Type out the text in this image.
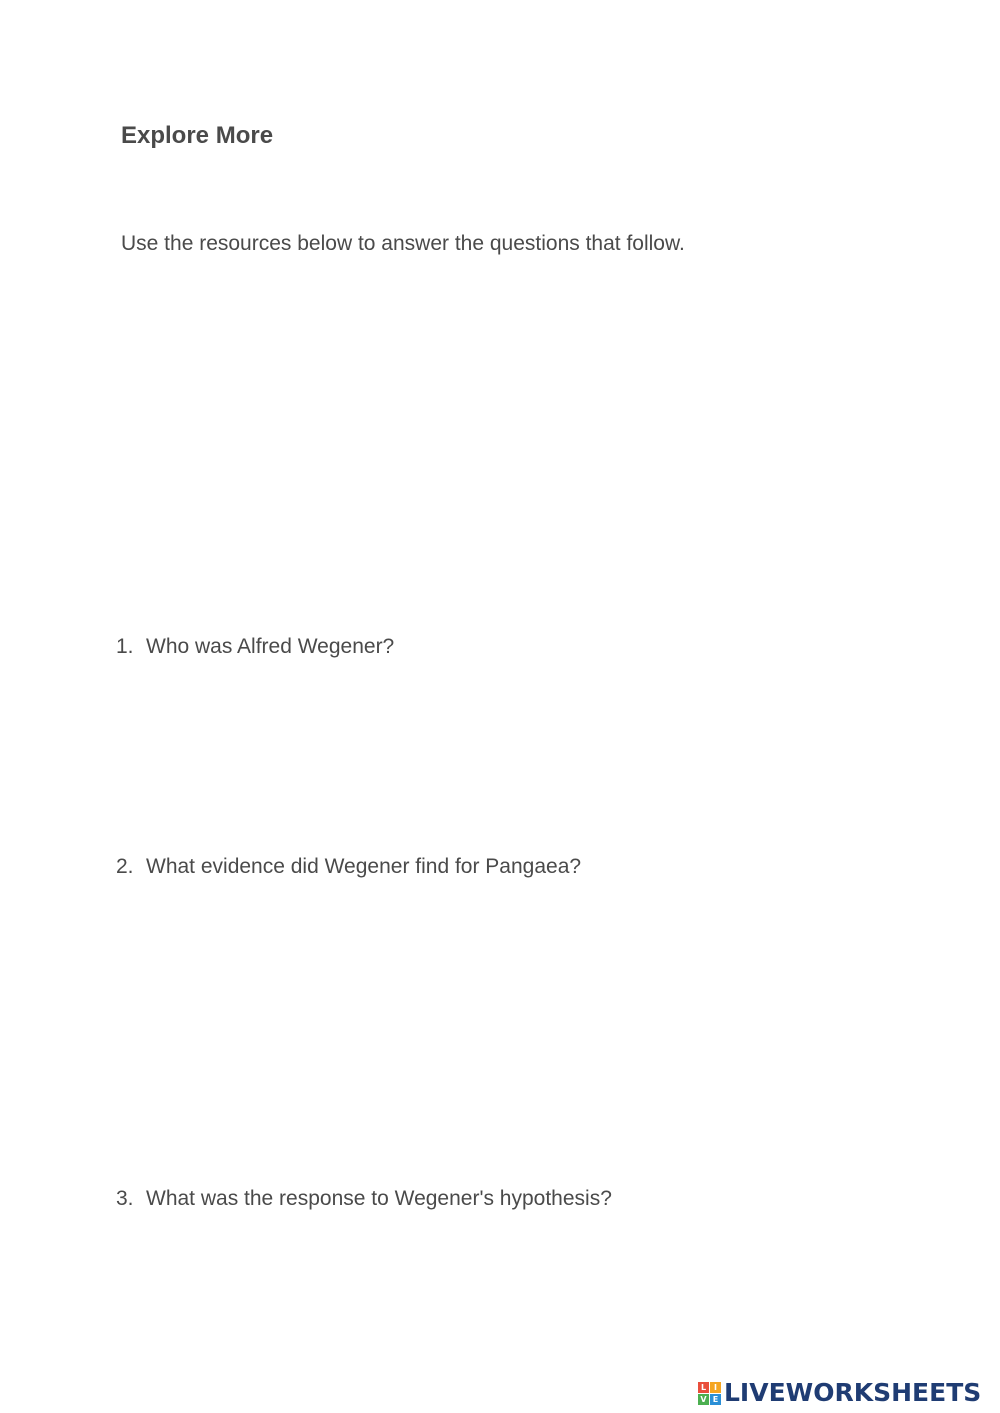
Explore More

Use the resources below to answer the questions that follow.

1. Who was Alfred Wegener?
2. What evidence did Wegener find for Pangaea?
3. What was the response to Wegener's hypothesis?
L I
V E LIVEWORKSHEETS
